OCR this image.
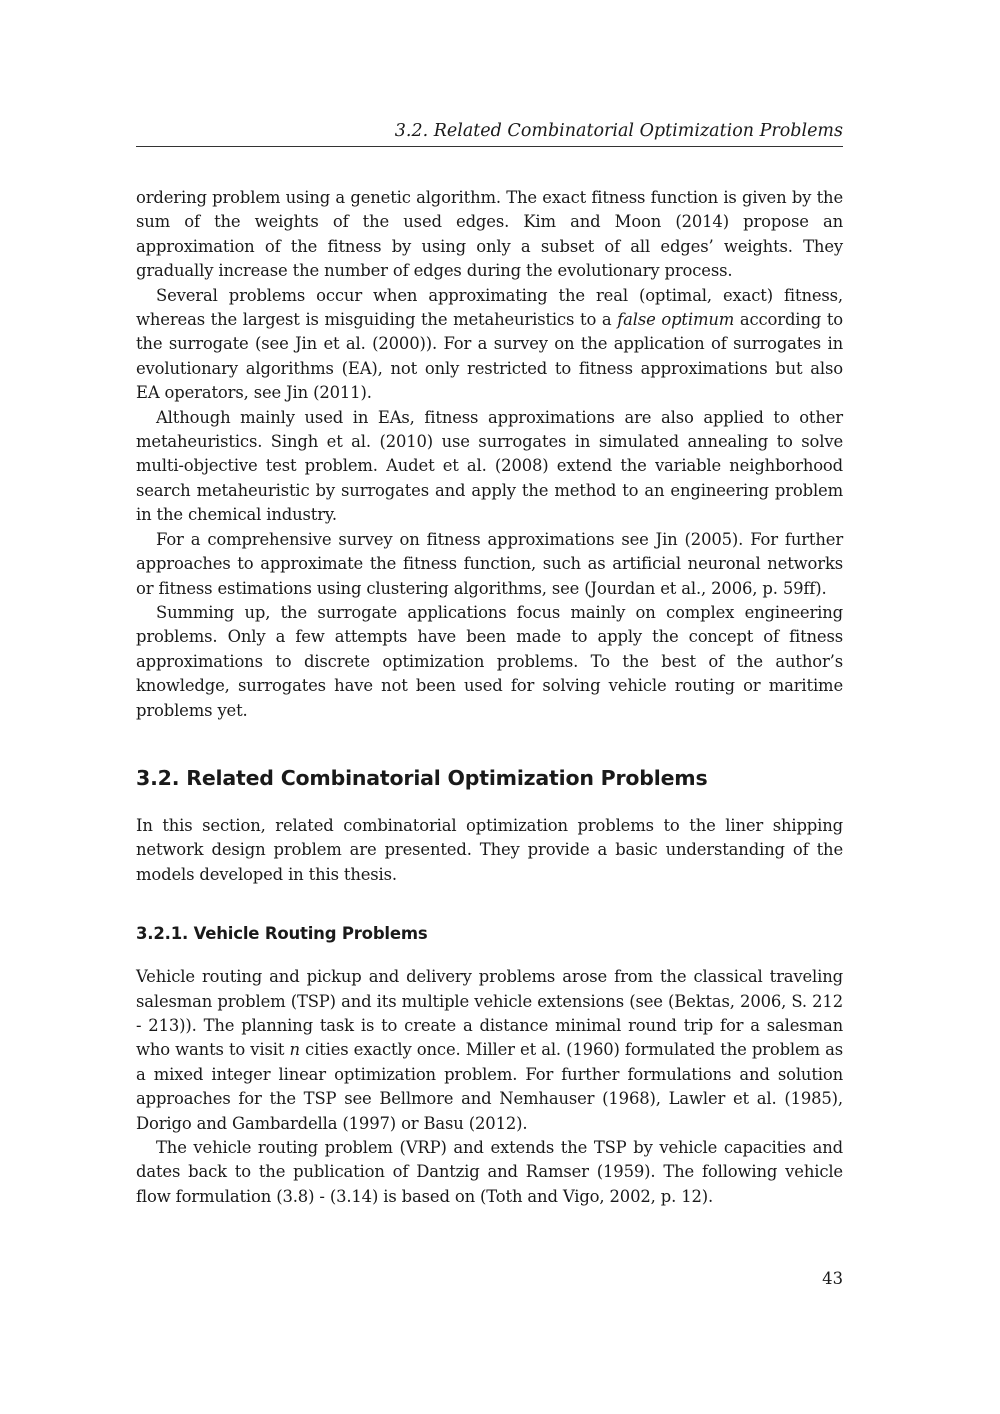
3.2. Related Combinatorial Optimization Problems

ordering problem using a genetic algorithm. The exact fitness function is given by the sum of the weights of the used edges. Kim and Moon (2014) propose an approximation of the fitness by using only a subset of all edges’ weights. They gradually increase the number of edges during the evolutionary process.

Several problems occur when approximating the real (optimal, exact) fitness, whereas the largest is misguiding the metaheuristics to a false optimum according to the surrogate (see Jin et al. (2000)). For a survey on the application of surrogates in evolutionary algorithms (EA), not only restricted to fitness approximations but also EA operators, see Jin (2011).

Although mainly used in EAs, fitness approximations are also applied to other metaheuristics. Singh et al. (2010) use surrogates in simulated annealing to solve multi-objective test problem. Audet et al. (2008) extend the variable neighborhood search metaheuristic by surrogates and apply the method to an engineering problem in the chemical industry.

For a comprehensive survey on fitness approximations see Jin (2005). For further approaches to approximate the fitness function, such as artificial neuronal networks or fitness estimations using clustering algorithms, see (Jourdan et al., 2006, p. 59ff).

Summing up, the surrogate applications focus mainly on complex engineering problems. Only a few attempts have been made to apply the concept of fitness approximations to discrete optimization problems. To the best of the author’s knowledge, surrogates have not been used for solving vehicle routing or maritime problems yet.

3.2. Related Combinatorial Optimization Problems

In this section, related combinatorial optimization problems to the liner shipping network design problem are presented. They provide a basic understanding of the models developed in this thesis.

3.2.1. Vehicle Routing Problems

Vehicle routing and pickup and delivery problems arose from the classical traveling salesman problem (TSP) and its multiple vehicle extensions (see (Bektas, 2006, S. 212 - 213)). The planning task is to create a distance minimal round trip for a salesman who wants to visit n cities exactly once. Miller et al. (1960) formulated the problem as a mixed integer linear optimization problem. For further formulations and solution approaches for the TSP see Bellmore and Nemhauser (1968), Lawler et al. (1985), Dorigo and Gambardella (1997) or Basu (2012).

The vehicle routing problem (VRP) and extends the TSP by vehicle capacities and dates back to the publication of Dantzig and Ramser (1959). The following vehicle flow formulation (3.8) - (3.14) is based on (Toth and Vigo, 2002, p. 12).

43
